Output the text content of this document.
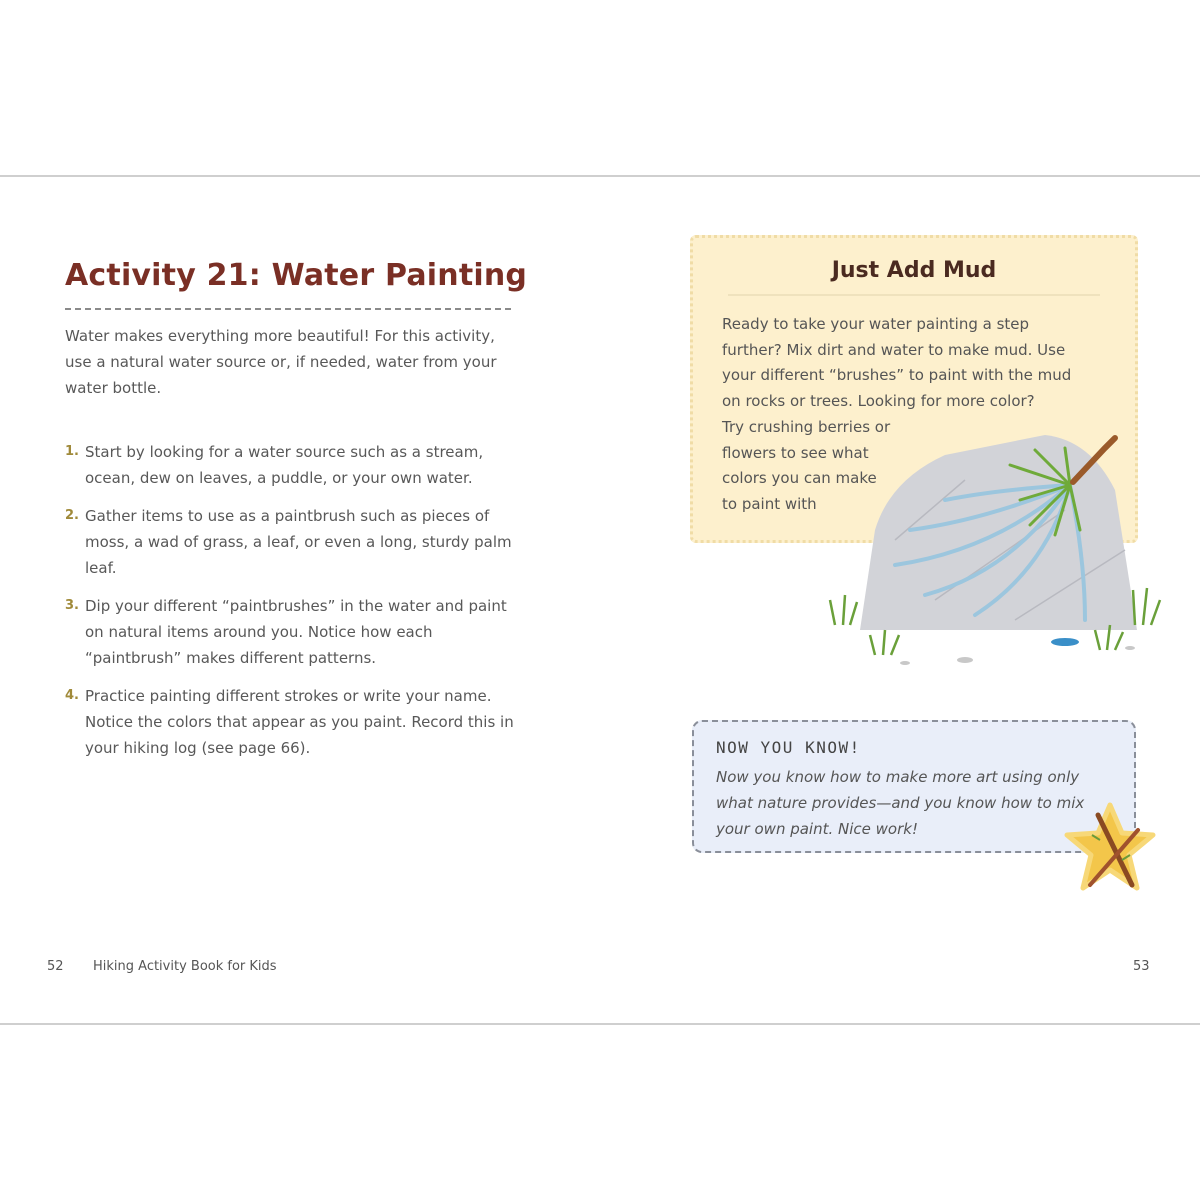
Activity 21: Water Painting

Water makes everything more beautiful! For this activity, use a natural water source or, if needed, water from your water bottle.

1. Start by looking for a water source such as a stream, ocean, dew on leaves, a puddle, or your own water.
2. Gather items to use as a paintbrush such as pieces of moss, a wad of grass, a leaf, or even a long, sturdy palm leaf.
3. Dip your different “paintbrushes” in the water and paint on natural items around you. Notice how each “paintbrush” makes different patterns.
4. Practice painting different strokes or write your name. Notice the colors that appear as you paint. Record this in your hiking log (see page 66).
Just Add Mud

Ready to take your water painting a step
further? Mix dirt and water to make mud. Use
your different “brushes” to paint with the mud
on rocks or trees. Looking for more color?
Try crushing berries or
flowers to see what
colors you can make
to paint with

NOW YOU KNOW!

Now you know how to make more art using only what nature provides—and you know how to mix your own paint. Nice work!

52 Hiking Activity Book for Kids	53
